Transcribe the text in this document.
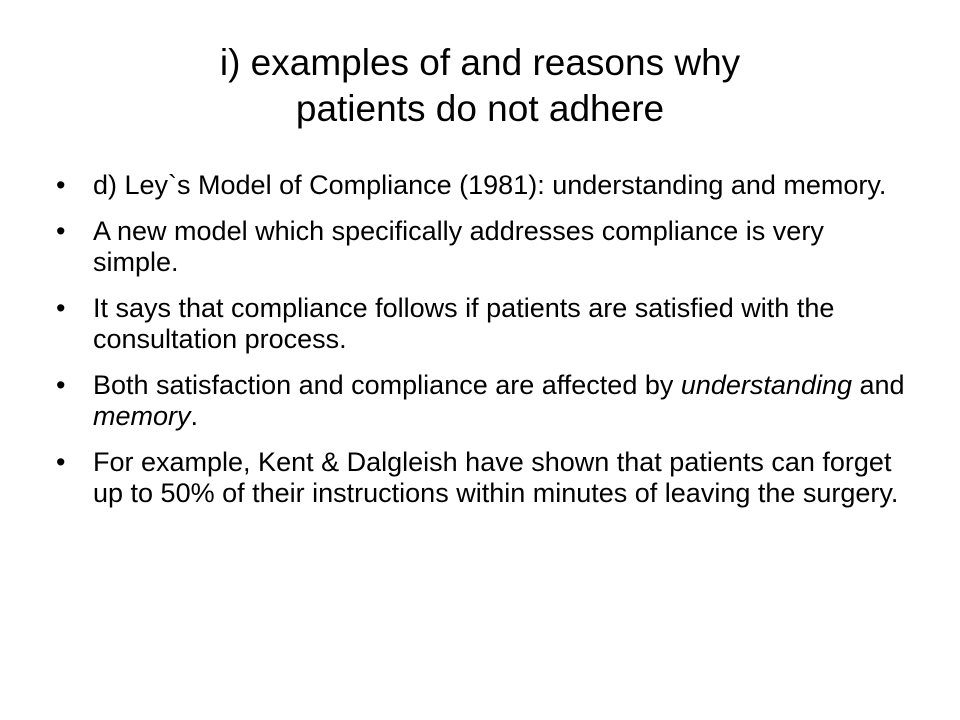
i) examples of and reasons why
patients do not adhere
• d) Ley`s Model of Compliance (1981): understanding and memory.
• A new model which specifically addresses compliance is very simple.
• It says that compliance follows if patients are satisfied with the consultation process.
• Both satisfaction and compliance are affected by understanding and memory.
• For example, Kent & Dalgleish have shown that patients can forget up to 50% of their instructions within minutes of leaving the surgery.
